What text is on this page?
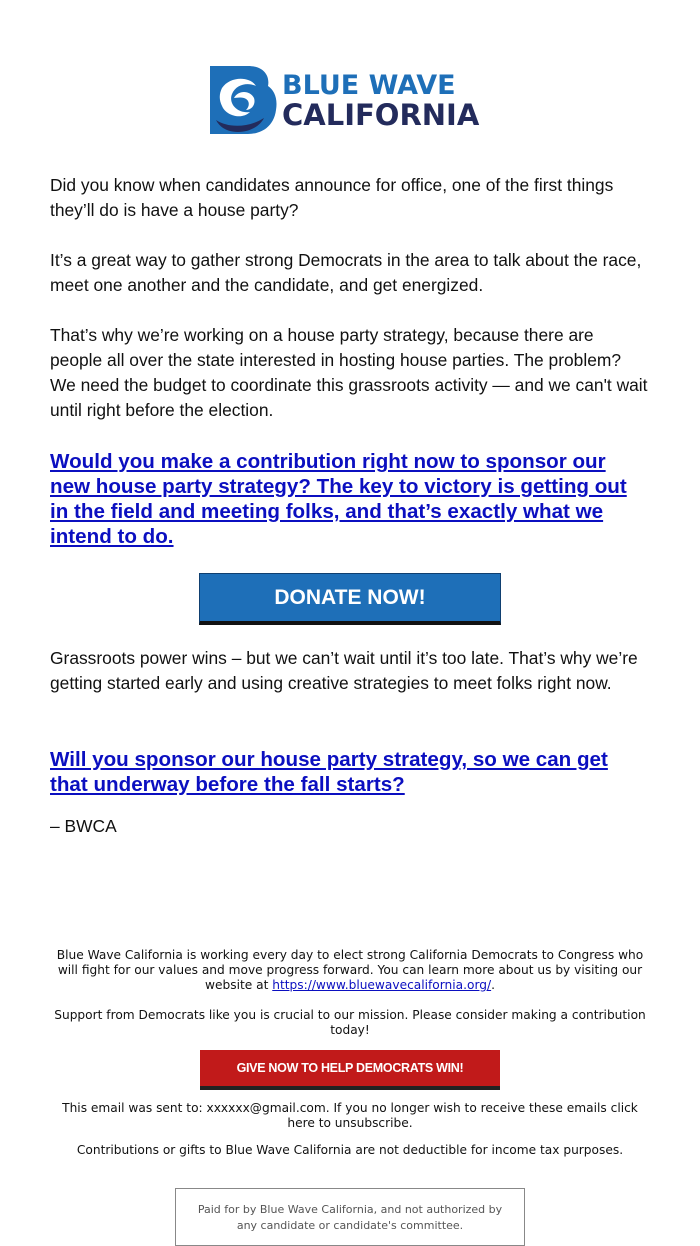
BLUE WAVE
CALIFORNIA

Did you know when candidates announce for office, one of the first things they’ll do is have a house party?

It’s a great way to gather strong Democrats in the area to talk about the race, meet one another and the candidate, and get energized.

That’s why we’re working on a house party strategy, because there are people all over the state interested in hosting house parties. The problem? We need the budget to coordinate this grassroots activity — and we can't wait until right before the election.

Would you make a contribution right now to sponsor our new house party strategy? The key to victory is getting out in the field and meeting folks, and that’s exactly what we intend to do.
DONATE NOW!

Grassroots power wins – but we can’t wait until it’s too late. That’s why we’re getting started early and using creative strategies to meet folks right now.

Will you sponsor our house party strategy, so we can get that underway before the fall starts?
– BWCA

Blue Wave California is working every day to elect strong California Democrats to Congress who will fight for our values and move progress forward. You can learn more about us by visiting our website at https://www.bluewavecalifornia.org/.

Support from Democrats like you is crucial to our mission. Please consider making a contribution today!

GIVE NOW TO HELP DEMOCRATS WIN!

This email was sent to: xxxxxx@gmail.com. If you no longer wish to receive these emails click here to unsubscribe.

Contributions or gifts to Blue Wave California are not deductible for income tax purposes.

Paid for by Blue Wave California, and not authorized by any candidate or candidate's committee.
